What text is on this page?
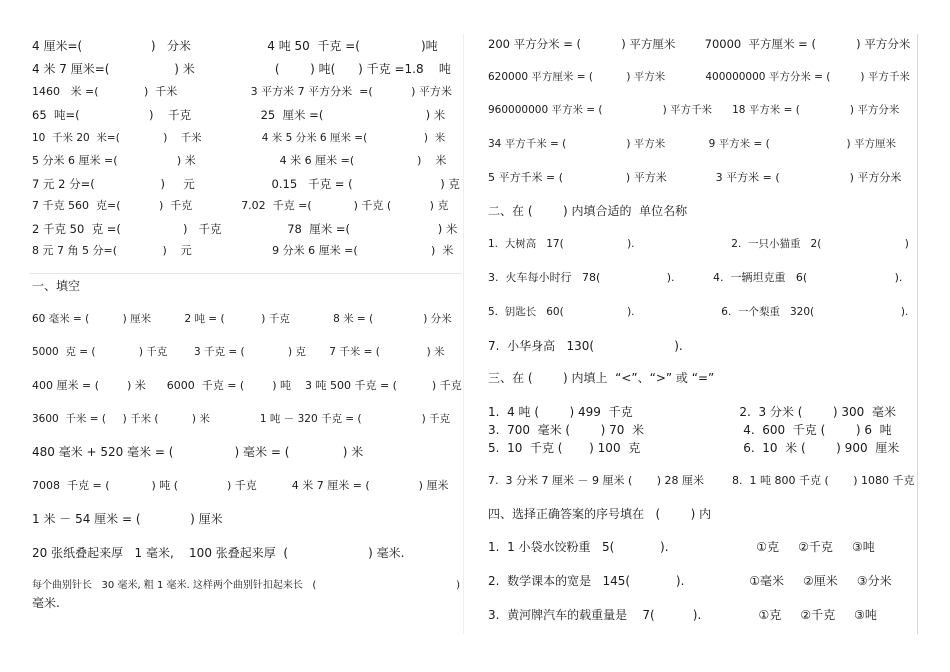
4 厘米=(                  )   分米                    4 吨 50  千克 =(                )吨

4 米 7 厘米=(                 ) 米                     (        ) 吨(      ) 千克 =1.8    吨

1460   米 =(             )  千米                     3 平方米 7 平方分米  =(           ) 平方米

65  吨=(                   )    千克                   25  厘米 =(                            ) 米

10  千米 20  米=(             )    千米                  4 米 5 分米 6 厘米 =(                 )  米

5 分米 6 厘米 =(                 ) 米                        4 米 6 厘米 =(                  )    米

7 元 2 分=(                  )     元                     0.15   千克 = (                        ) 克

7 千克 560  克=(           )  千克              7.02  千克 =(            ) 千克 (           ) 克

2 千克 50  克 =(                 )   千克                  78  厘米 =(                        ) 米

8 元 7 角 5 分=(             )    元                       9 分米 6 厘米 =(                     )  米

一、填空

60 毫米 = (          ) 厘米          2 吨 = (           ) 千克             8 米 = (               ) 分米

5000  克 = (             ) 千克        3 千克 = (             ) 克       7 千米 = (              ) 米

400 厘米 = (        ) 米      6000  千克 = (        ) 吨    3 吨 500 千克 = (          ) 千克

3600  千米 = (     ) 千米 (          ) 米               1 吨 － 320 千克 = (                  ) 千克

480 毫米 + 520 毫米 = (                ) 毫米 = (              ) 米

7008  千克 = (            ) 吨 (              ) 千克          4 米 7 厘米 = (              ) 厘米

1 米 － 54 厘米 = (             ) 厘米

20 张纸叠起来厚   1 毫米,    100 张叠起来厚  (                     ) 毫米.

每个曲别针长   30 毫米, 粗 1 毫米. 这样两个曲别针扣起来长   (                                            )

毫米.

200 平方分米 = (           ) 平方厘米        70000  平方厘米 = (           ) 平方分米

620000 平方厘米 = (          ) 平方米            400000000 平方分米 = (         ) 平方千米

960000000 平方米 = (                  ) 平方千米      18 平方米 = (               ) 平方分米

34 平方千米 = (                  ) 平方米             9 平方米 = (                       ) 平方厘米

5 平方千米 = (                  ) 平方米              3 平方米 = (                    ) 平方分米

二、在 (        ) 内填合适的  单位名称

1.  大树高   17(                   ).                             2.  一只小猫重   2(                         )

3.  火车每小时行   78(                   ).           4.  一辆坦克重   6(                         ).

5.  钥匙长   60(                   ).                          6.  一个梨重   320(                          ).

7.  小华身高   130(                     ).

三、在 (        ) 内填上  “<”、“>” 或 “=”

1.  4 吨 (        ) 499  千克                            2.  3 分米 (        ) 300  毫米

3.  700  毫米 (        ) 70  米                          4.  600  千克 (        ) 6  吨

5.  10  千克 (       ) 100  克                           6.  10  米 (        ) 900  厘米

7.  3 分米 7 厘米 － 9 厘米 (       ) 28 厘米        8.  1 吨 800 千克 (       ) 1080 千克

四、选择正确答案的序号填在   (        ) 内

1.  1 小袋水饺粉重   5(            ).                       ①克     ②千克     ③吨

2.  数学课本的宽是   145(            ).                 ①毫米     ②厘米     ③分米

3.  黄河牌汽车的载重量是    7(          ).               ①克     ②千克     ③吨
